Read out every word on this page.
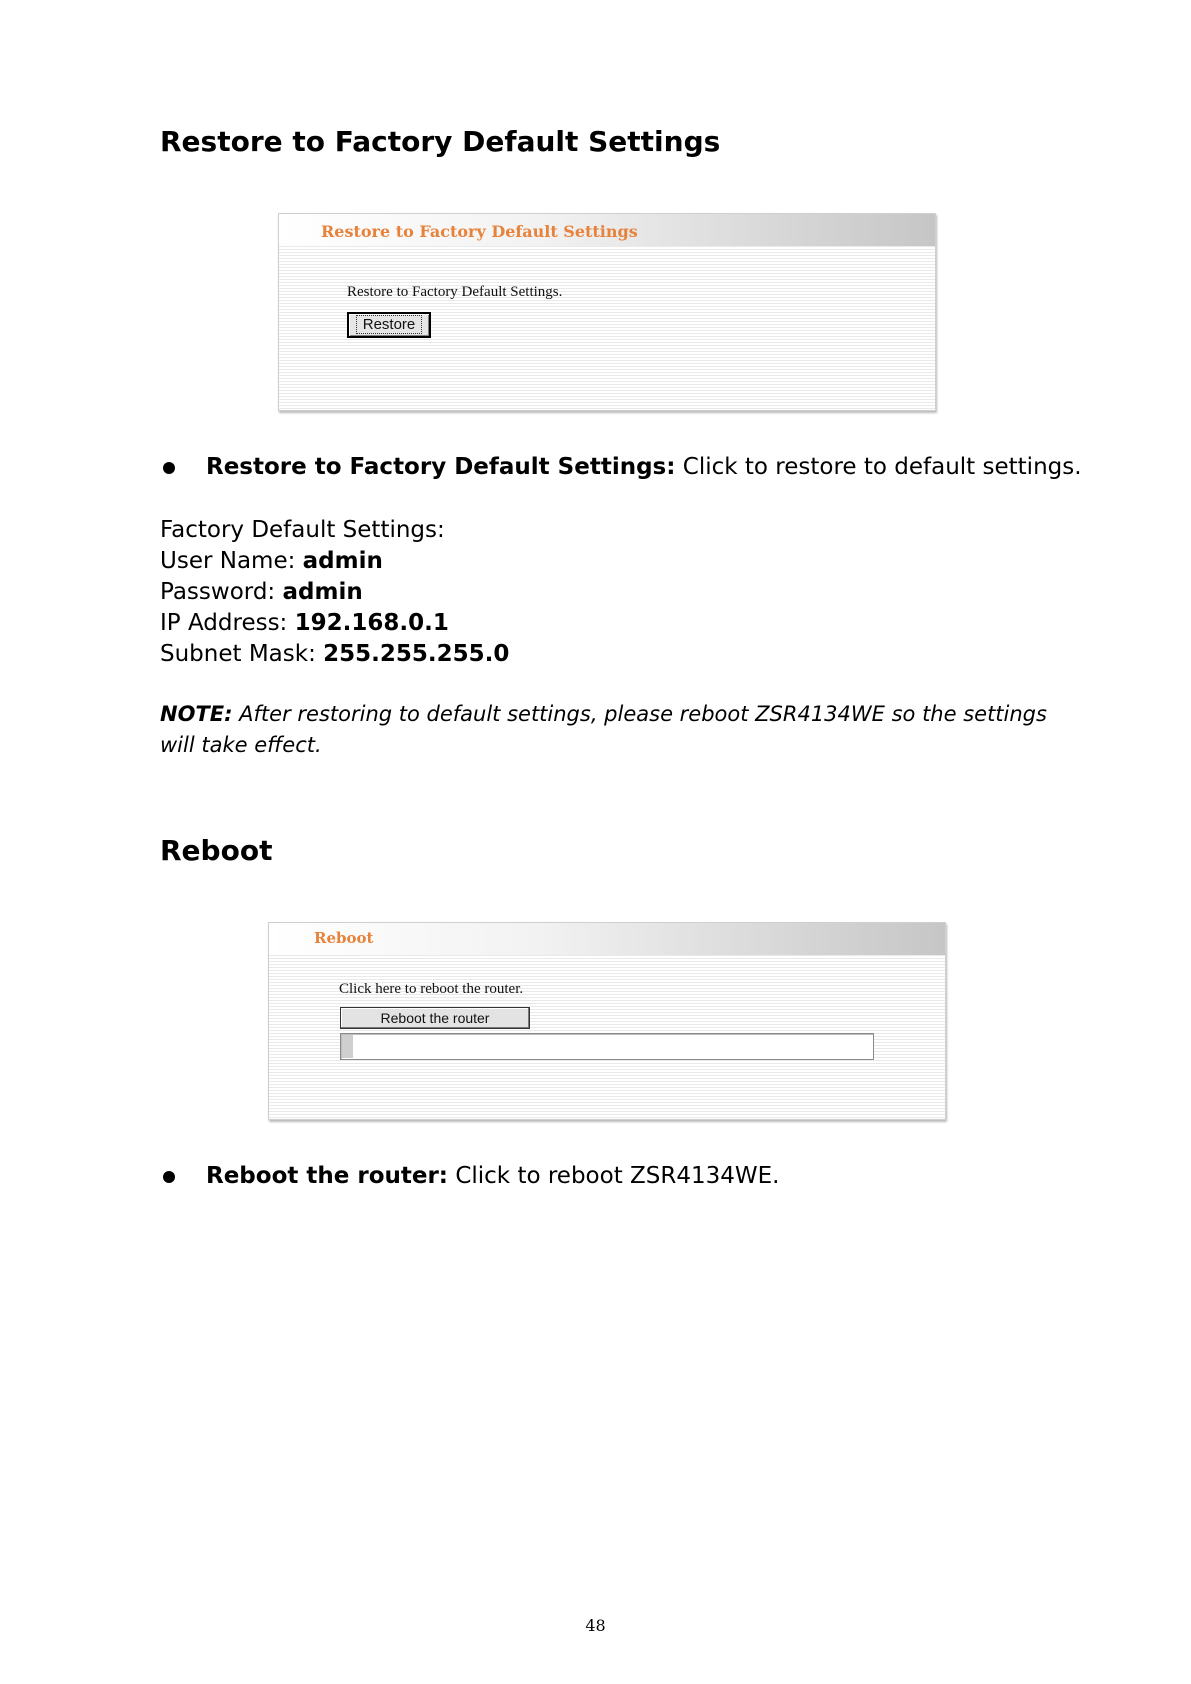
Restore to Factory Default Settings
Restore to Factory Default Settings
Restore to Factory Default Settings.
Restore
Restore to Factory Default Settings: Click to restore to default settings.
Factory Default Settings:
User Name: admin
Password: admin
IP Address: 192.168.0.1
Subnet Mask: 255.255.255.0
NOTE: After restoring to default settings, please reboot ZSR4134WE so the settings will take effect.
Reboot
Reboot
Click here to reboot the router.
Reboot the router
Reboot the router: Click to reboot ZSR4134WE.
48
